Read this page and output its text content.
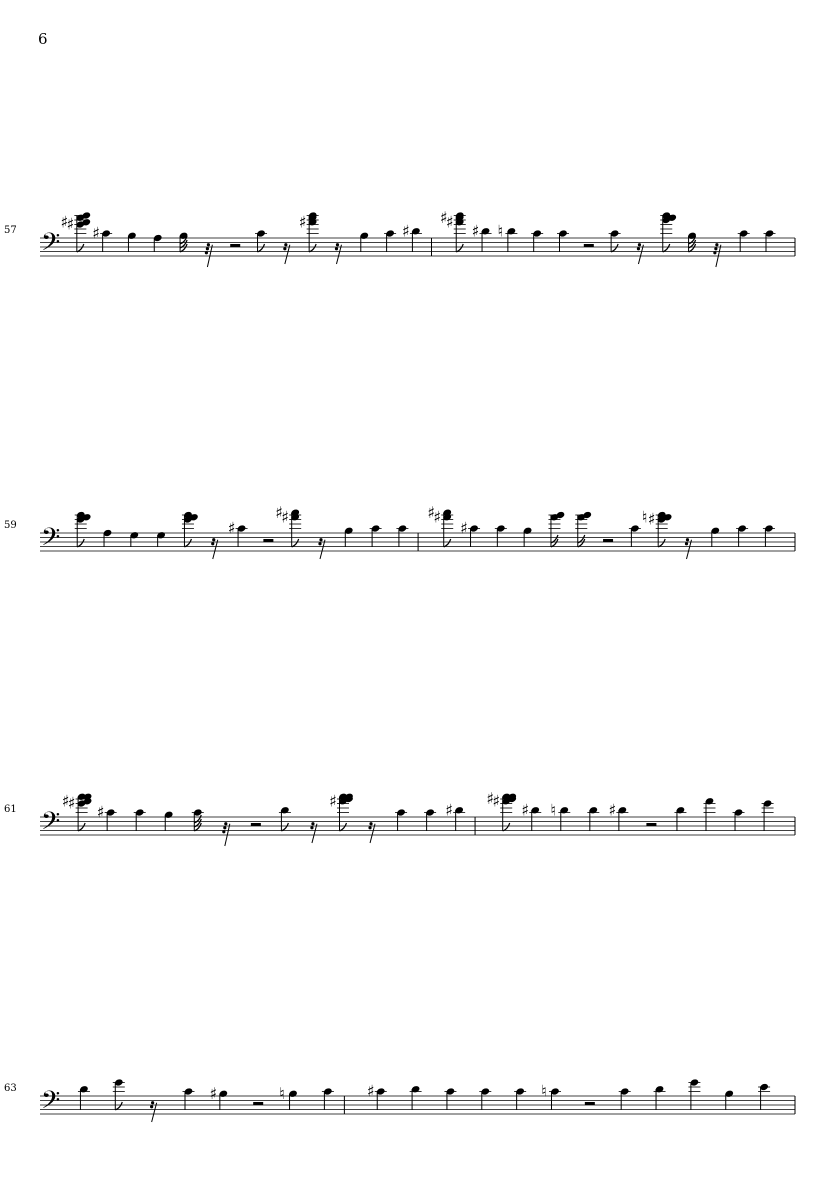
6
57 𝄢
♯
♯
♯
♯	♯ ♯
♯
♯ ♮
59 𝄢	♯
♯
♯	♯
♯
♯	♯
♮
61 𝄢
♯
♯
♯
♯	♯ ♯
♯
♯ ♮	♯
63 𝄢	♯	♮	♯	♮
